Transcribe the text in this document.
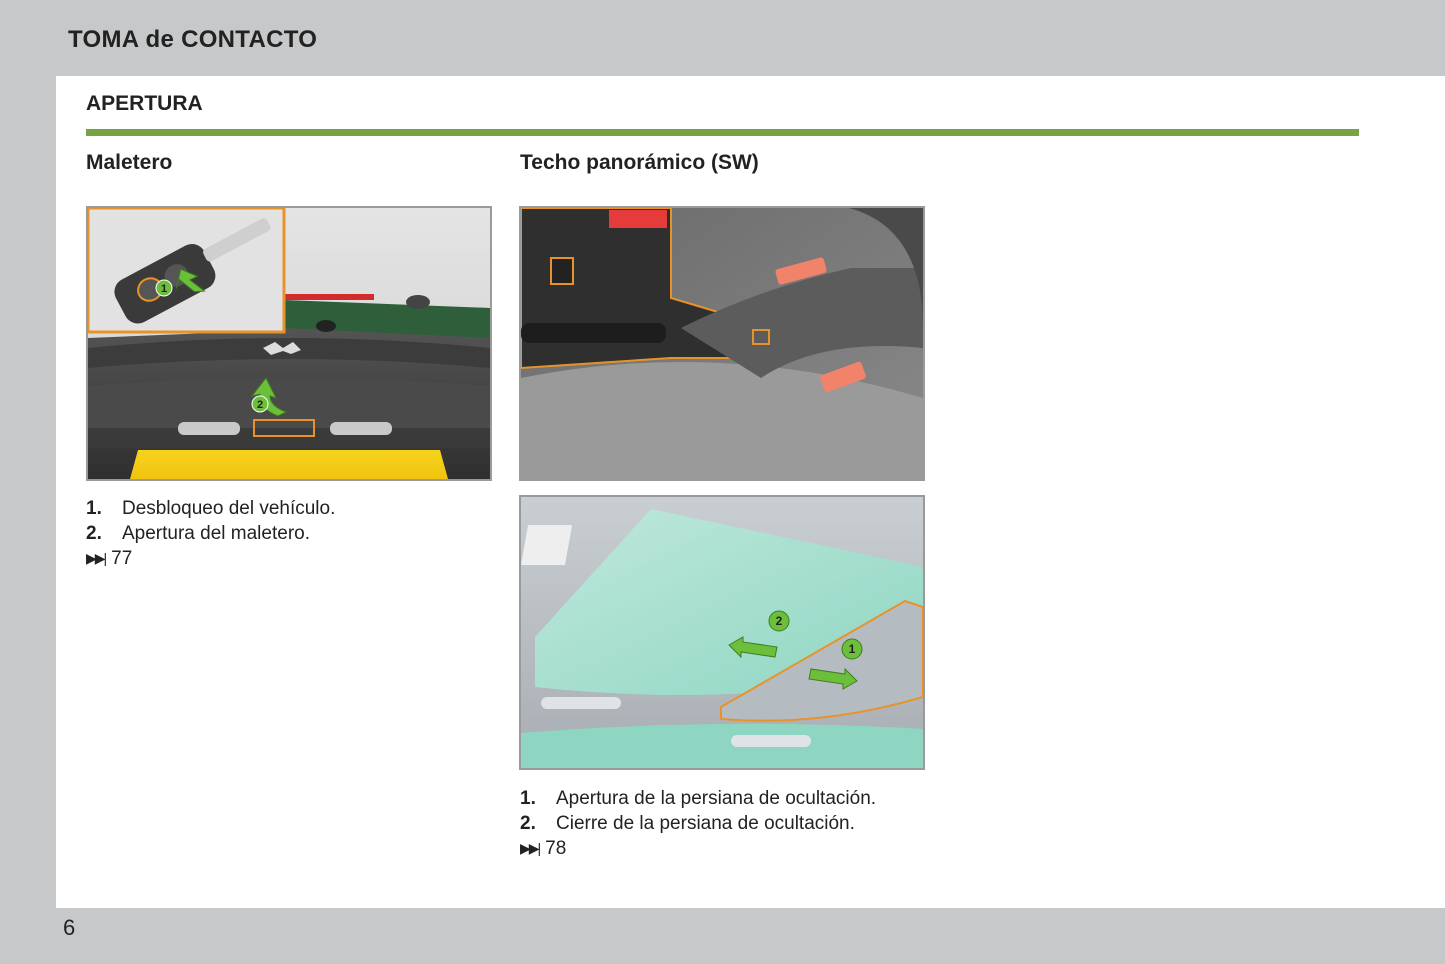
TOMA de CONTACTO
APERTURA
Maletero
1
2
1.	Desbloqueo del vehículo.
2.	Apertura del maletero.
▶▶| 77
Techo panorámico (SW)
2
1
1.	Apertura de la persiana de ocultación.
2.	Cierre de la persiana de ocultación.
▶▶| 78
6
